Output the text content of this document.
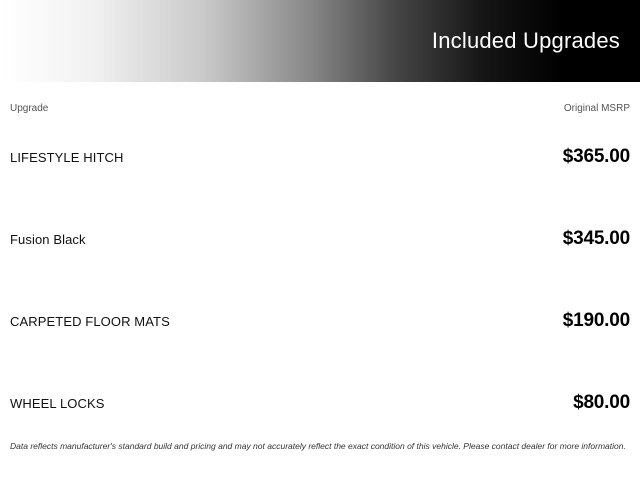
Included Upgrades
Upgrade	Original MSRP
LIFESTYLE HITCH	$365.00
Fusion Black	$345.00
CARPETED FLOOR MATS	$190.00
WHEEL LOCKS	$80.00
Data reflects manufacturer's standard build and pricing and may not accurately reflect the exact condition of this vehicle. Please contact dealer for more information.
